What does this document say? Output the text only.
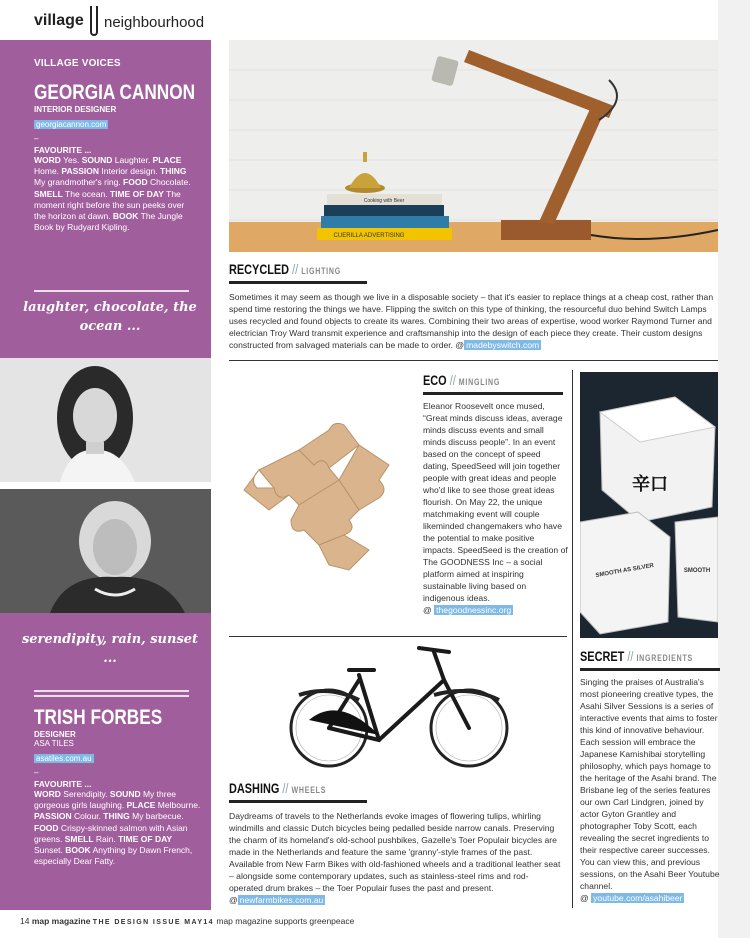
village neighbourhood
VILLAGE VOICES
GEORGIA CANNON
INTERIOR DESIGNER
georgiacannon.com
–
FAVOURITE ...
WORD Yes. SOUND Laughter. PLACE Home. PASSION Interior design. THING My grandmother's ring. FOOD Chocolate. SMELL The ocean. TIME OF DAY The moment right before the sun peeks over the horizon at dawn. BOOK The Jungle Book by Rudyard Kipling.
laughter, chocolate, the ocean ...
serendipity, rain, sunset ...
TRISH FORBES
DESIGNER
ASA TILES
asatiles.com.au
–
FAVOURITE ...
WORD Serendipity. SOUND My three gorgeous girls laughing. PLACE Melbourne. PASSION Colour. THING My barbecue. FOOD Crispy-skinned salmon with Asian greens. SMELL Rain. TIME OF DAY Sunset. BOOK Anything by Dawn French, especially Dear Fatty.
CUERILLA ADVERTISING
Cooking with Beer
RECYCLED // LIGHTING
Sometimes it may seem as though we live in a disposable society – that it's easier to replace things at a cheap cost, rather than spend time restoring the things we have. Flipping the switch on this type of thinking, the resourceful duo behind Switch Lamps uses recycled and found objects to create its wares. Combining their two areas of expertise, wood worker Raymond Turner and electrician Troy Ward transmit experience and craftsmanship into the design of each piece they create. Their custom designs constructed from salvaged materials can be made to order. @ madebyswitch.com
ECO // MINGLING
Eleanor Roosevelt once mused, “Great minds discuss ideas, average minds discuss events and small minds discuss people”. In an event based on the concept of speed dating, SpeedSeed will join together people with great ideas and people who'd like to see those great ideas flourish. On May 22, the unique matchmaking event will couple likeminded changemakers who have the potential to make positive impacts. SpeedSeed is the creation of The GOODNESS Inc – a social platform aimed at inspiring sustainable living based on indigenous ideas.
@ thegoodnessinc.org
辛口
SMOOTH AS SILVER	SMOOTH
DASHING // WHEELS
Daydreams of travels to the Netherlands evoke images of flowering tulips, whirling windmills and classic Dutch bicycles being pedalled beside narrow canals. Preserving the charm of its homeland's old-school pushbikes, Gazelle's Toer Populair bicycles are made in the Netherlands and feature the same 'granny'-style frames of the past. Available from New Farm Bikes with old-fashioned wheels and a traditional leather seat – alongside some contemporary updates, such as stainless-steel rims and rod-operated drum brakes – the Toer Populair fuses the past and present. @ newfarmbikes.com.au
SECRET // INGREDIENTS
Singing the praises of Australia's most pioneering creative types, the Asahi Silver Sessions is a series of interactive events that aims to foster this kind of innovative behaviour. Each session will embrace the Japanese Kamishibai storytelling philosophy, which pays homage to the heritage of the Asahi brand. The Brisbane leg of the series features our own Carl Lindgren, joined by actor Gyton Grantley and photographer Toby Scott, each revealing the secret ingredients to their respective career successes. You can view this, and previous sessions, on the Asahi Beer Youtube channel.
@ youtube.com/asahibeer
14 map magazine THE DESIGN ISSUE MAY14 map magazine supports greenpeace
